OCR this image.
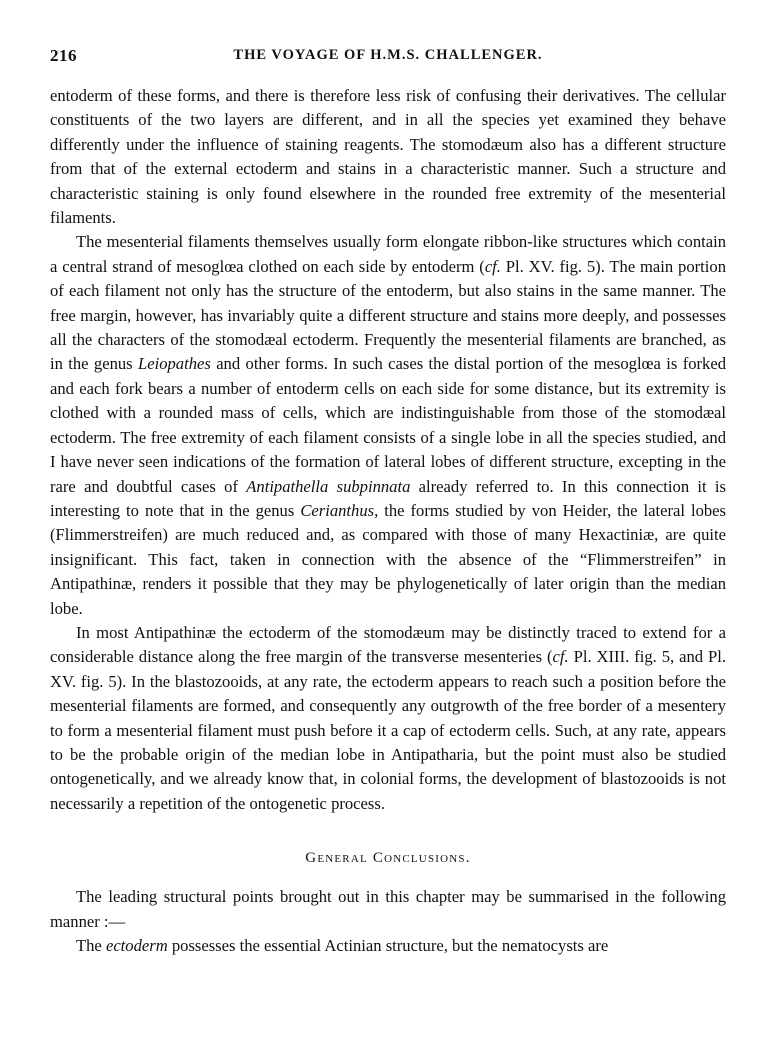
216	THE VOYAGE OF H.M.S. CHALLENGER.

entoderm of these forms, and there is therefore less risk of confusing their derivatives. The cellular constituents of the two layers are different, and in all the species yet examined they behave differently under the influence of staining reagents. The stomodæum also has a different structure from that of the external ectoderm and stains in a characteristic manner. Such a structure and characteristic staining is only found elsewhere in the rounded free extremity of the mesenterial filaments.

The mesenterial filaments themselves usually form elongate ribbon-like structures which contain a central strand of mesoglœa clothed on each side by entoderm (cf. Pl. XV. fig. 5). The main portion of each filament not only has the structure of the entoderm, but also stains in the same manner. The free margin, however, has invariably quite a different structure and stains more deeply, and possesses all the characters of the stomodæal ectoderm. Frequently the mesenterial filaments are branched, as in the genus Leiopathes and other forms. In such cases the distal portion of the mesoglœa is forked and each fork bears a number of entoderm cells on each side for some distance, but its extremity is clothed with a rounded mass of cells, which are indistinguishable from those of the stomodæal ectoderm. The free extremity of each filament consists of a single lobe in all the species studied, and I have never seen indications of the formation of lateral lobes of different structure, excepting in the rare and doubtful cases of Antipathella subpinnata already referred to. In this connection it is interesting to note that in the genus Cerianthus, the forms studied by von Heider, the lateral lobes (Flimmerstreifen) are much reduced and, as compared with those of many Hexactiniæ, are quite insignificant. This fact, taken in connection with the absence of the “Flimmerstreifen” in Antipathinæ, renders it possible that they may be phylogenetically of later origin than the median lobe.

In most Antipathinæ the ectoderm of the stomodæum may be distinctly traced to extend for a considerable distance along the free margin of the transverse mesenteries (cf. Pl. XIII. fig. 5, and Pl. XV. fig. 5). In the blastozooids, at any rate, the ectoderm appears to reach such a position before the mesenterial filaments are formed, and consequently any outgrowth of the free border of a mesentery to form a mesenterial filament must push before it a cap of ectoderm cells. Such, at any rate, appears to be the probable origin of the median lobe in Antipatharia, but the point must also be studied ontogenetically, and we already know that, in colonial forms, the development of blastozooids is not necessarily a repetition of the ontogenetic process.

General Conclusions.

The leading structural points brought out in this chapter may be summarised in the following manner :—

The ectoderm possesses the essential Actinian structure, but the nematocysts are
